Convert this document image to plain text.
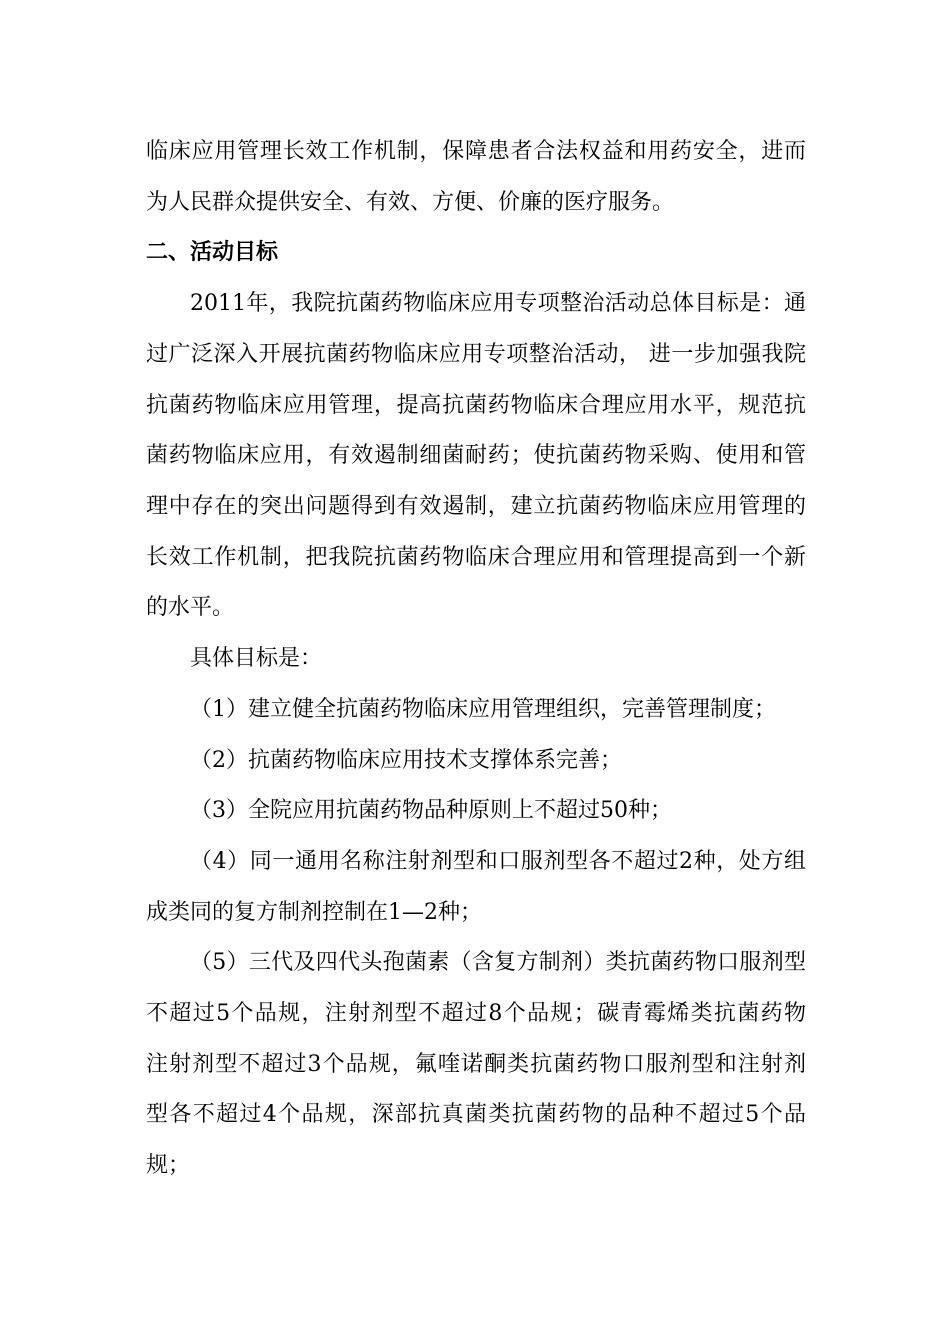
临床应用管理长效工作机制，保障患者合法权益和用药安全，进而
为人民群众提供安全、有效、方便、价廉的医疗服务。
二、活动目标
2011年，我院抗菌药物临床应用专项整治活动总体目标是：通
过广泛深入开展抗菌药物临床应用专项整治活动， 进一步加强我院
抗菌药物临床应用管理，提高抗菌药物临床合理应用水平，规范抗
菌药物临床应用，有效遏制细菌耐药；使抗菌药物采购、使用和管
理中存在的突出问题得到有效遏制，建立抗菌药物临床应用管理的
长效工作机制，把我院抗菌药物临床合理应用和管理提高到一个新
的水平。
具体目标是：
（1）建立健全抗菌药物临床应用管理组织，完善管理制度；
（2）抗菌药物临床应用技术支撑体系完善；
（3）全院应用抗菌药物品种原则上不超过50种；
（4）同一通用名称注射剂型和口服剂型各不超过2种，处方组
成类同的复方制剂控制在1—2种；
（5）三代及四代头孢菌素（含复方制剂）类抗菌药物口服剂型
不超过5个品规，注射剂型不超过8个品规；碳青霉烯类抗菌药物
注射剂型不超过3个品规，氟喹诺酮类抗菌药物口服剂型和注射剂
型各不超过4个品规，深部抗真菌类抗菌药物的品种不超过5个品
规；
